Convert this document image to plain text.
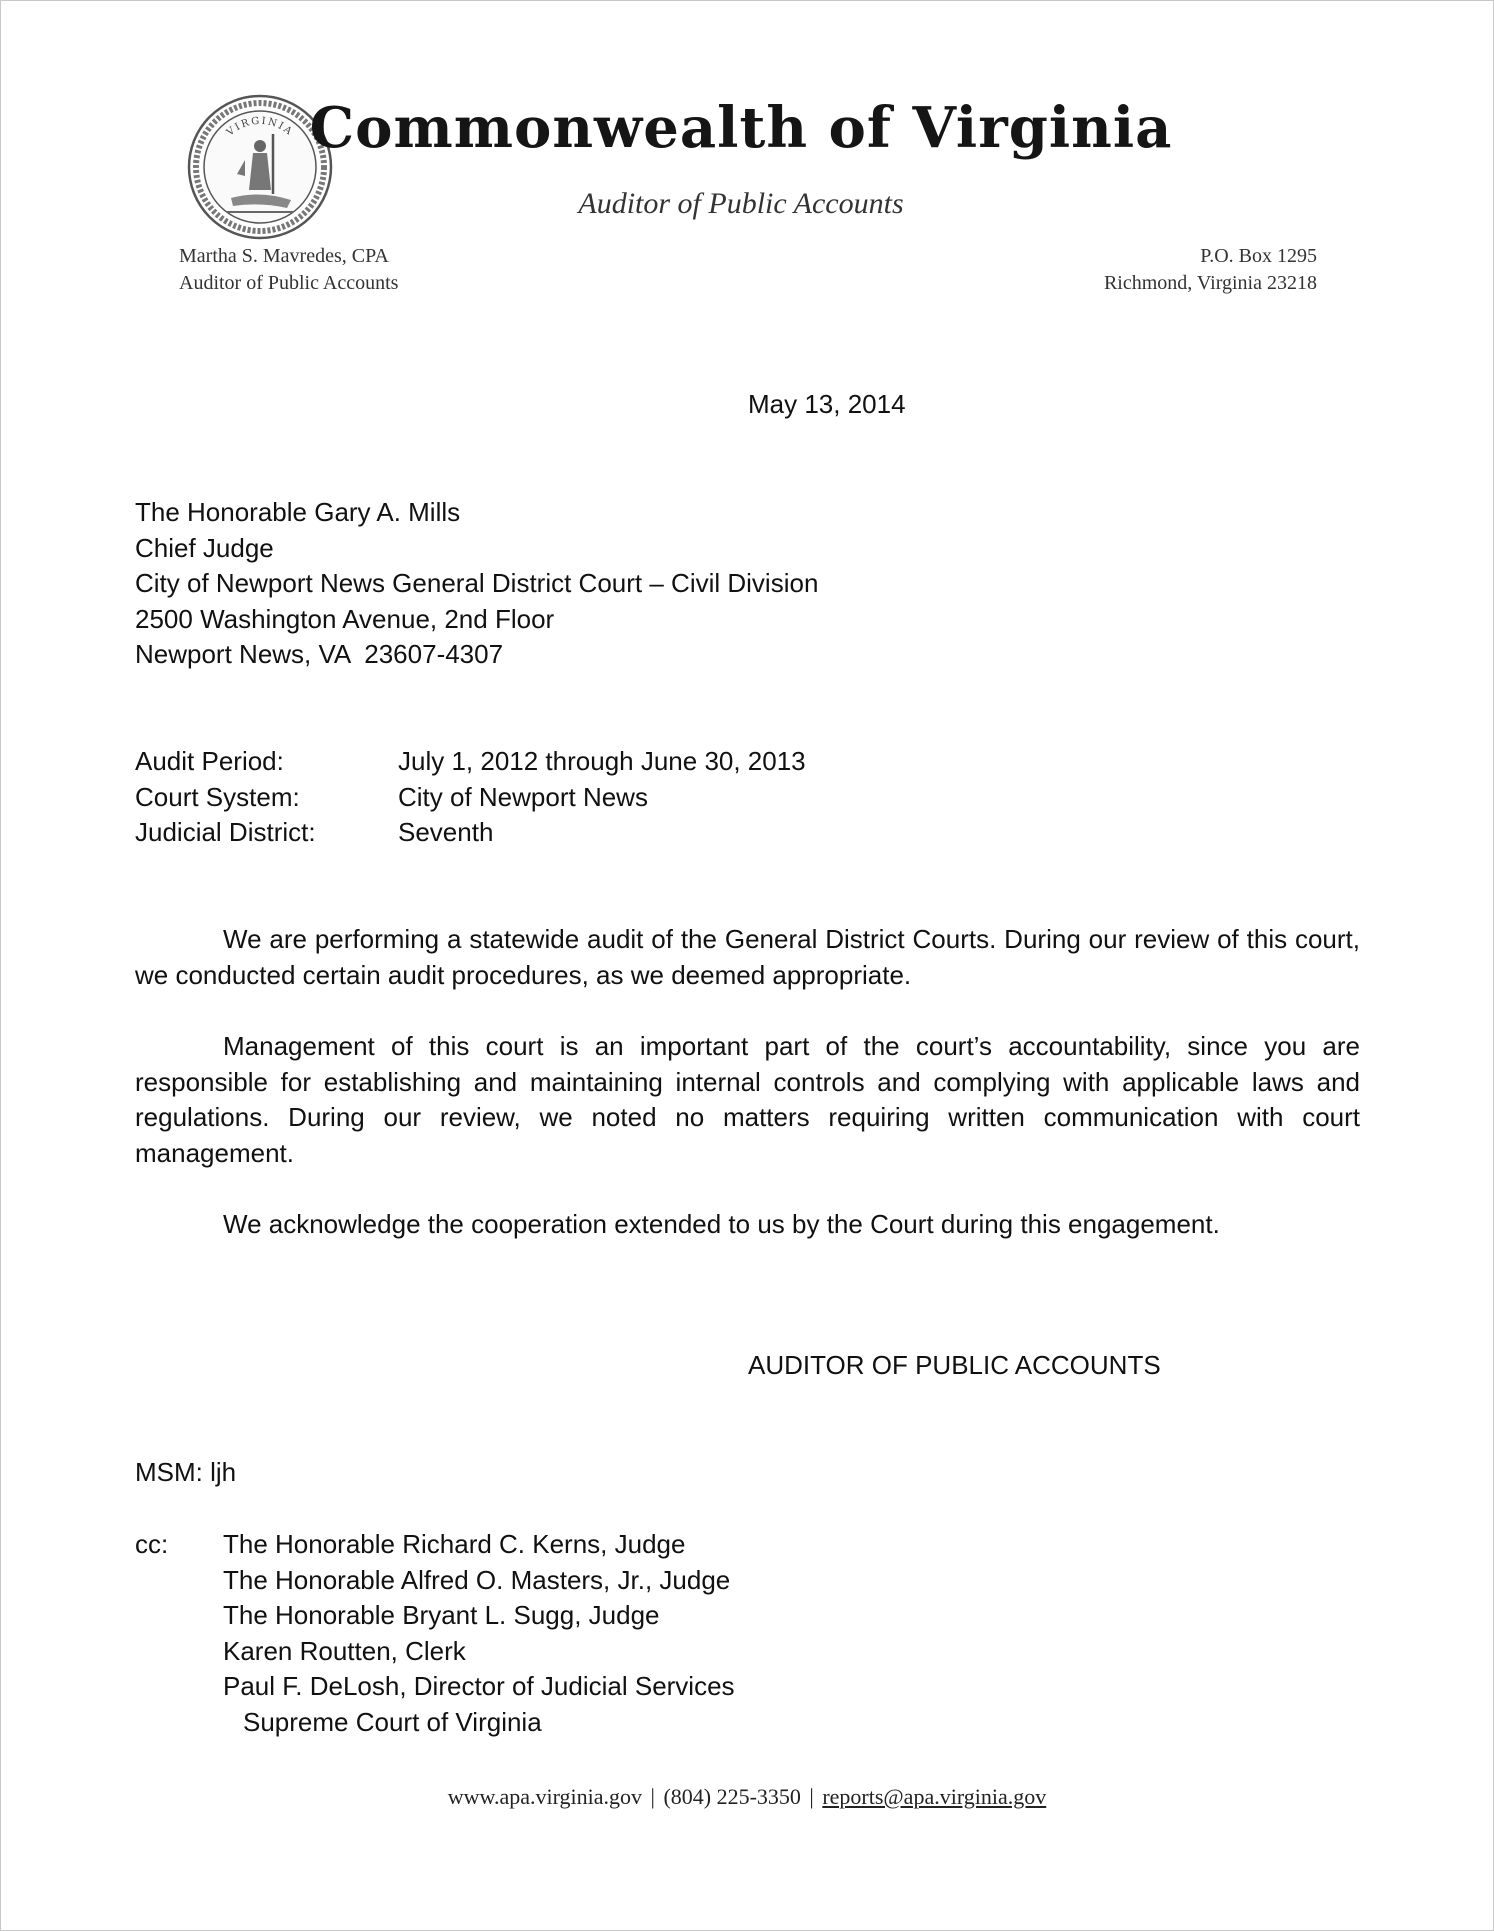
VIRGINIA Commonwealth of Virginia
Auditor of Public Accounts
Martha S. Mavredes, CPA
Auditor of Public Accounts
P.O. Box 1295
Richmond, Virginia 23218
May 13, 2014
The Honorable Gary A. Mills
Chief Judge
City of Newport News General District Court – Civil Division
2500 Washington Avenue, 2nd Floor
Newport News, VA  23607-4307
Audit Period:	July 1, 2012 through June 30, 2013
Court System:	City of Newport News
Judicial District:	Seventh
We are performing a statewide audit of the General District Courts. During our review of this court, we conducted certain audit procedures, as we deemed appropriate.
Management of this court is an important part of the court’s accountability, since you are responsible for establishing and maintaining internal controls and complying with applicable laws and regulations. During our review, we noted no matters requiring written communication with court management.
We acknowledge the cooperation extended to us by the Court during this engagement.
AUDITOR OF PUBLIC ACCOUNTS
MSM: ljh
cc:	The Honorable Richard C. Kerns, Judge
The Honorable Alfred O. Masters, Jr., Judge
The Honorable Bryant L. Sugg, Judge
Karen Routten, Clerk
Paul F. DeLosh, Director of Judicial Services
Supreme Court of Virginia
www.apa.virginia.gov | (804) 225-3350 | reports@apa.virginia.gov
